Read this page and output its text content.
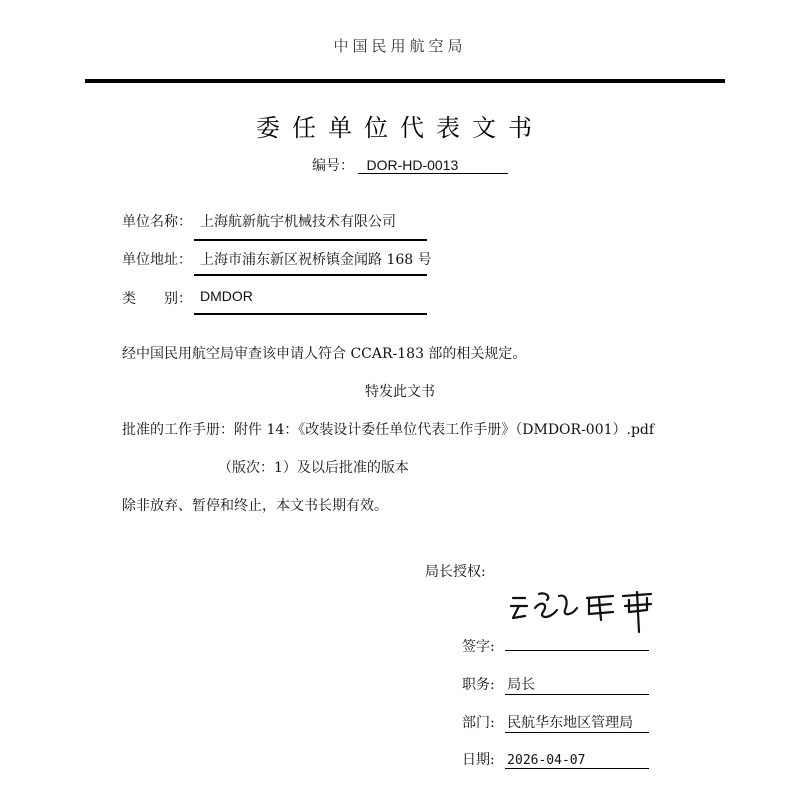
中国民用航空局
委任单位代表文书
编号： DOR-HD-0013
单位名称： 上海航新航宇机械技术有限公司
单位地址： 上海市浦东新区祝桥镇金闻路 168 号
类　　别： DMDOR
经中国民用航空局审查该申请人符合 CCAR-183 部的相关规定。
特发此文书
批准的工作手册：附件 14：《改装设计委任单位代表工作手册》（DMDOR-001）.pdf
（版次：1）及以后批准的版本
除非放弃、暂停和终止，本文书长期有效。
局长授权:
签字:
职务: 局长
部门: 民航华东地区管理局
日期: 2026-04-07
